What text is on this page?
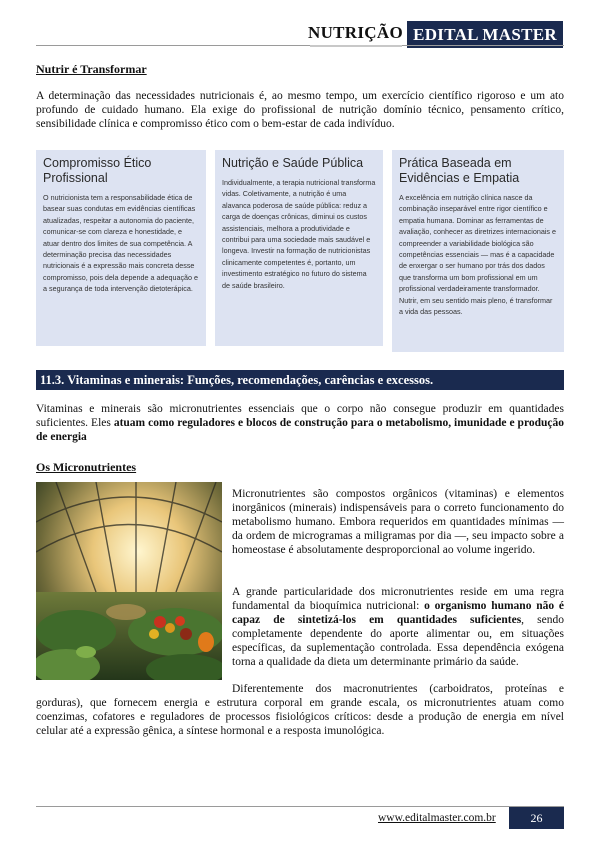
NUTRIÇÃO EDITAL MASTER
Nutrir é Transformar
A determinação das necessidades nutricionais é, ao mesmo tempo, um exercício científico rigoroso e um ato profundo de cuidado humano. Ela exige do profissional de nutrição domínio técnico, pensamento crítico, sensibilidade clínica e compromisso ético com o bem-estar de cada indivíduo.
Compromisso Ético Profissional

O nutricionista tem a responsabilidade ética de basear suas condutas em evidências científicas atualizadas, respeitar a autonomia do paciente, comunicar-se com clareza e honestidade, e atuar dentro dos limites de sua competência. A determinação precisa das necessidades nutricionais é a expressão mais concreta desse compromisso, pois dela depende a adequação e a segurança de toda intervenção dietoterápica.

Nutrição e Saúde Pública

Individualmente, a terapia nutricional transforma vidas. Coletivamente, a nutrição é uma alavanca poderosa de saúde pública: reduz a carga de doenças crônicas, diminui os custos assistenciais, melhora a produtividade e contribui para uma sociedade mais saudável e longeva. Investir na formação de nutricionistas clinicamente competentes é, portanto, um investimento estratégico no futuro do sistema de saúde brasileiro.

Prática Baseada em Evidências e Empatia

A excelência em nutrição clínica nasce da combinação inseparável entre rigor científico e empatia humana. Dominar as ferramentas de avaliação, conhecer as diretrizes internacionais e compreender a variabilidade biológica são competências essenciais — mas é a capacidade de enxergar o ser humano por trás dos dados que transforma um bom profissional em um profissional verdadeiramente transformador. Nutrir, em seu sentido mais pleno, é transformar a vida das pessoas.

11.3. Vitaminas e minerais: Funções, recomendações, carências e excessos.
Vitaminas e minerais são micronutrientes essenciais que o corpo não consegue produzir em quantidades suficientes. Eles atuam como reguladores e blocos de construção para o metabolismo, imunidade e produção de energia
Os Micronutrientes
Micronutrientes são compostos orgânicos (vitaminas) e elementos inorgânicos (minerais) indispensáveis para o correto funcionamento do metabolismo humano. Embora requeridos em quantidades mínimas — da ordem de microgramas a miligramas por dia —, seu impacto sobre a homeostase é absolutamente desproporcional ao volume ingerido.
A grande particularidade dos micronutrientes reside em uma regra fundamental da bioquímica nutricional: o organismo humano não é capaz de sintetizá-los em quantidades suficientes, sendo completamente dependente do aporte alimentar ou, em situações específicas, da suplementação controlada. Essa dependência exógena torna a qualidade da dieta um determinante primário da saúde.
Diferentemente dos macronutrientes (carboidratos, proteínas e
gorduras), que fornecem energia e estrutura corporal em grande escala, os micronutrientes atuam como coenzimas, cofatores e reguladores de processos fisiológicos críticos: desde a produção de energia em nível celular até a expressão gênica, a síntese hormonal e a resposta imunológica.
www.editalmaster.com.br	26
